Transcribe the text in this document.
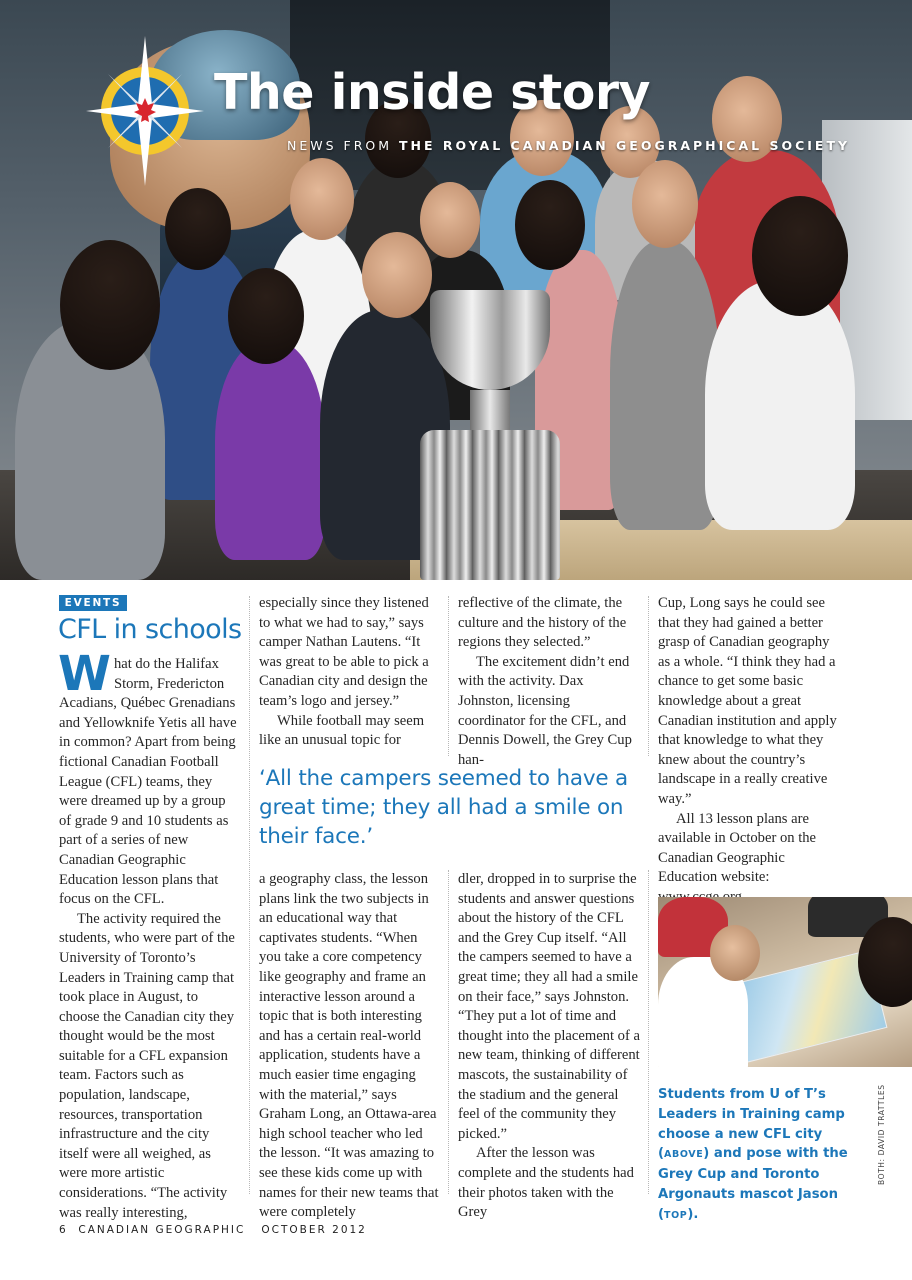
The inside story
NEWS FROM THE ROYAL CANADIAN GEOGRAPHICAL SOCIETY
EVENTS
CFL in schools

What do the Halifax Storm, Fredericton Acadians, Québec Grenadians and Yellowknife Yetis all have in common? Apart from being fictional Canadian Football League (CFL) teams, they were dreamed up by a group of grade 9 and 10 students as part of a series of new Canadian Geographic Education lesson plans that focus on the CFL.

The activity required the students, who were part of the University of Toronto’s Leaders in Training camp that took place in August, to choose the Canadian city they thought would be the most suitable for a CFL expansion team. Factors such as population, landscape, resources, transportation infrastructure and the city itself were all weighed, as were more artistic considerations. “The activity was really interesting,

especially since they listened to what we had to say,” says camper Nathan Lautens. “It was great to be able to pick a Canadian city and design the team’s logo and jersey.”

While football may seem like an unusual topic for

reflective of the climate, the culture and the history of the regions they selected.”

The excitement didn’t end with the activity. Dax Johnston, licensing coordinator for the CFL, and Dennis Dowell, the Grey Cup han-

‘All the campers seemed to have a great time; they all had a smile on their face.’

a geography class, the lesson plans link the two subjects in an educational way that captivates students. “When you take a core competency like geography and frame an interactive lesson around a topic that is both interesting and has a certain real-world application, students have a much easier time engaging with the material,” says Graham Long, an Ottawa-area high school teacher who led the lesson. “It was amazing to see these kids come up with names for their new teams that were completely

dler, dropped in to surprise the students and answer questions about the history of the CFL and the Grey Cup itself. “All the campers seemed to have a great time; they all had a smile on their face,” says Johnston. “They put a lot of time and thought into the placement of a new team, thinking of different mascots, the sustainability of the stadium and the general feel of the community they picked.”

After the lesson was complete and the students had their photos taken with the Grey

Cup, Long says he could see that they had gained a better grasp of Canadian geography as a whole. “I think they had a chance to get some basic knowledge about a great Canadian institution and apply that knowledge to what they knew about the country’s landscape in a really creative way.”

All 13 lesson plans are available in October on the Canadian Geographic Education website:

Students from U of T’s Leaders in Training camp choose a new CFL city (ABOVE) and pose with the Grey Cup and Toronto Argonauts mascot Jason (TOP).
BOTH: DAVID TRATTLES
6 CANADIAN GEOGRAPHIC OCTOBER 2012
